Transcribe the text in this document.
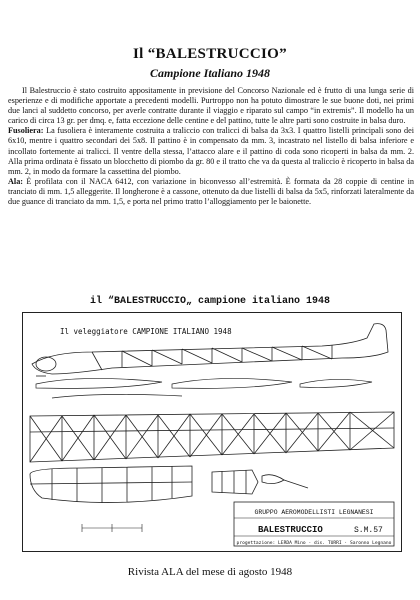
Il “BALESTRUCCIO”
Campione Italiano 1948

Il Balestruccio è stato costruito appositamente in previsione del Concorso Nazionale ed è frutto di una lunga serie di esperienze e di modifiche apportate a precedenti modelli. Purtroppo non ha potuto dimostrare le sue buone doti, nei primi due lanci al suddetto concorso, per averle contratte durante il viaggio e riparato sul campo “in extremis”. Il modello ha un carico di circa 13 gr. per dmq. e, fatta eccezione delle centine e del pattino, tutte le altre parti sono costruite in balsa duro.

Fusoliera: La fusoliera è interamente costruita a traliccio con tralicci di balsa da 3x3. I quattro listelli principali sono dei 6x10, mentre i quattro secondari dei 5x8. Il pattino è in compensato da mm. 3, incastrato nel listello di balsa inferiore e incollato fortemente ai tralicci. Il ventre della stessa, l’attacco alare e il pattino di coda sono ricoperti in balsa da mm. 2. Alla prima ordinata è fissato un blocchetto di piombo da gr. 80 e il tratto che va da questa al traliccio è ricoperto in balsa da mm. 2, in modo da formare la cassettina del piombo.

Ala: È profilata con il NACA 6412, con variazione in biconvesso all’estremità. È formata da 28 coppie di centine in tranciato di mm. 1,5 alleggerite. Il longherone è a cassone, ottenuto da due listelli di balsa da 5x5, rinforzati lateralmente da due guance di tranciato da mm. 1,5, e porta nel primo tratto l’alloggiamento per le baionette.

il “BALESTRUCCIO„ campione italiano 1948
Il veleggiatore CAMPIONE ITALIANO 1948
GRUPPO AEROMODELLISTI LEGNANESI
BALESTRUCCIO	S.M.57
progettazione: LERDA Mino · dis. TURRI · Saronno Legnano
Rivista ALA del mese di agosto 1948
